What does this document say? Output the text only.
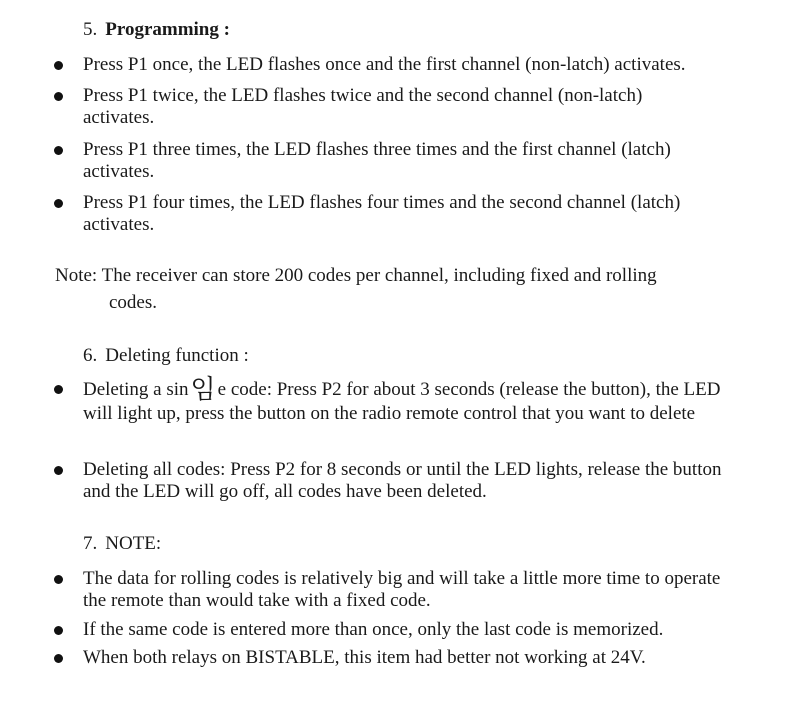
5. Programming :
Press P1 once, the LED flashes once and the first channel (non-latch) activates.
Press P1 twice, the LED flashes twice and the second channel (non-latch) activates.
Press P1 three times, the LED flashes three times and the first channel (latch) activates.
Press P1 four times, the LED flashes four times and the second channel (latch) activates.
Note: The receiver can store 200 codes per channel, including fixed and rolling
codes.
6. Deleting function :
Deleting a sin임 e code: Press P2 for about 3 seconds (release the button), the LED will light up, press the button on the radio remote control that you want to delete
Deleting all codes: Press P2 for 8 seconds or until the LED lights, release the button and the LED will go off, all codes have been deleted.
7. NOTE:
The data for rolling codes is relatively big and will take a little more time to operate the remote than would take with a fixed code.
If the same code is entered more than once, only the last code is memorized.
When both relays on BISTABLE, this item had better not working at 24V.
